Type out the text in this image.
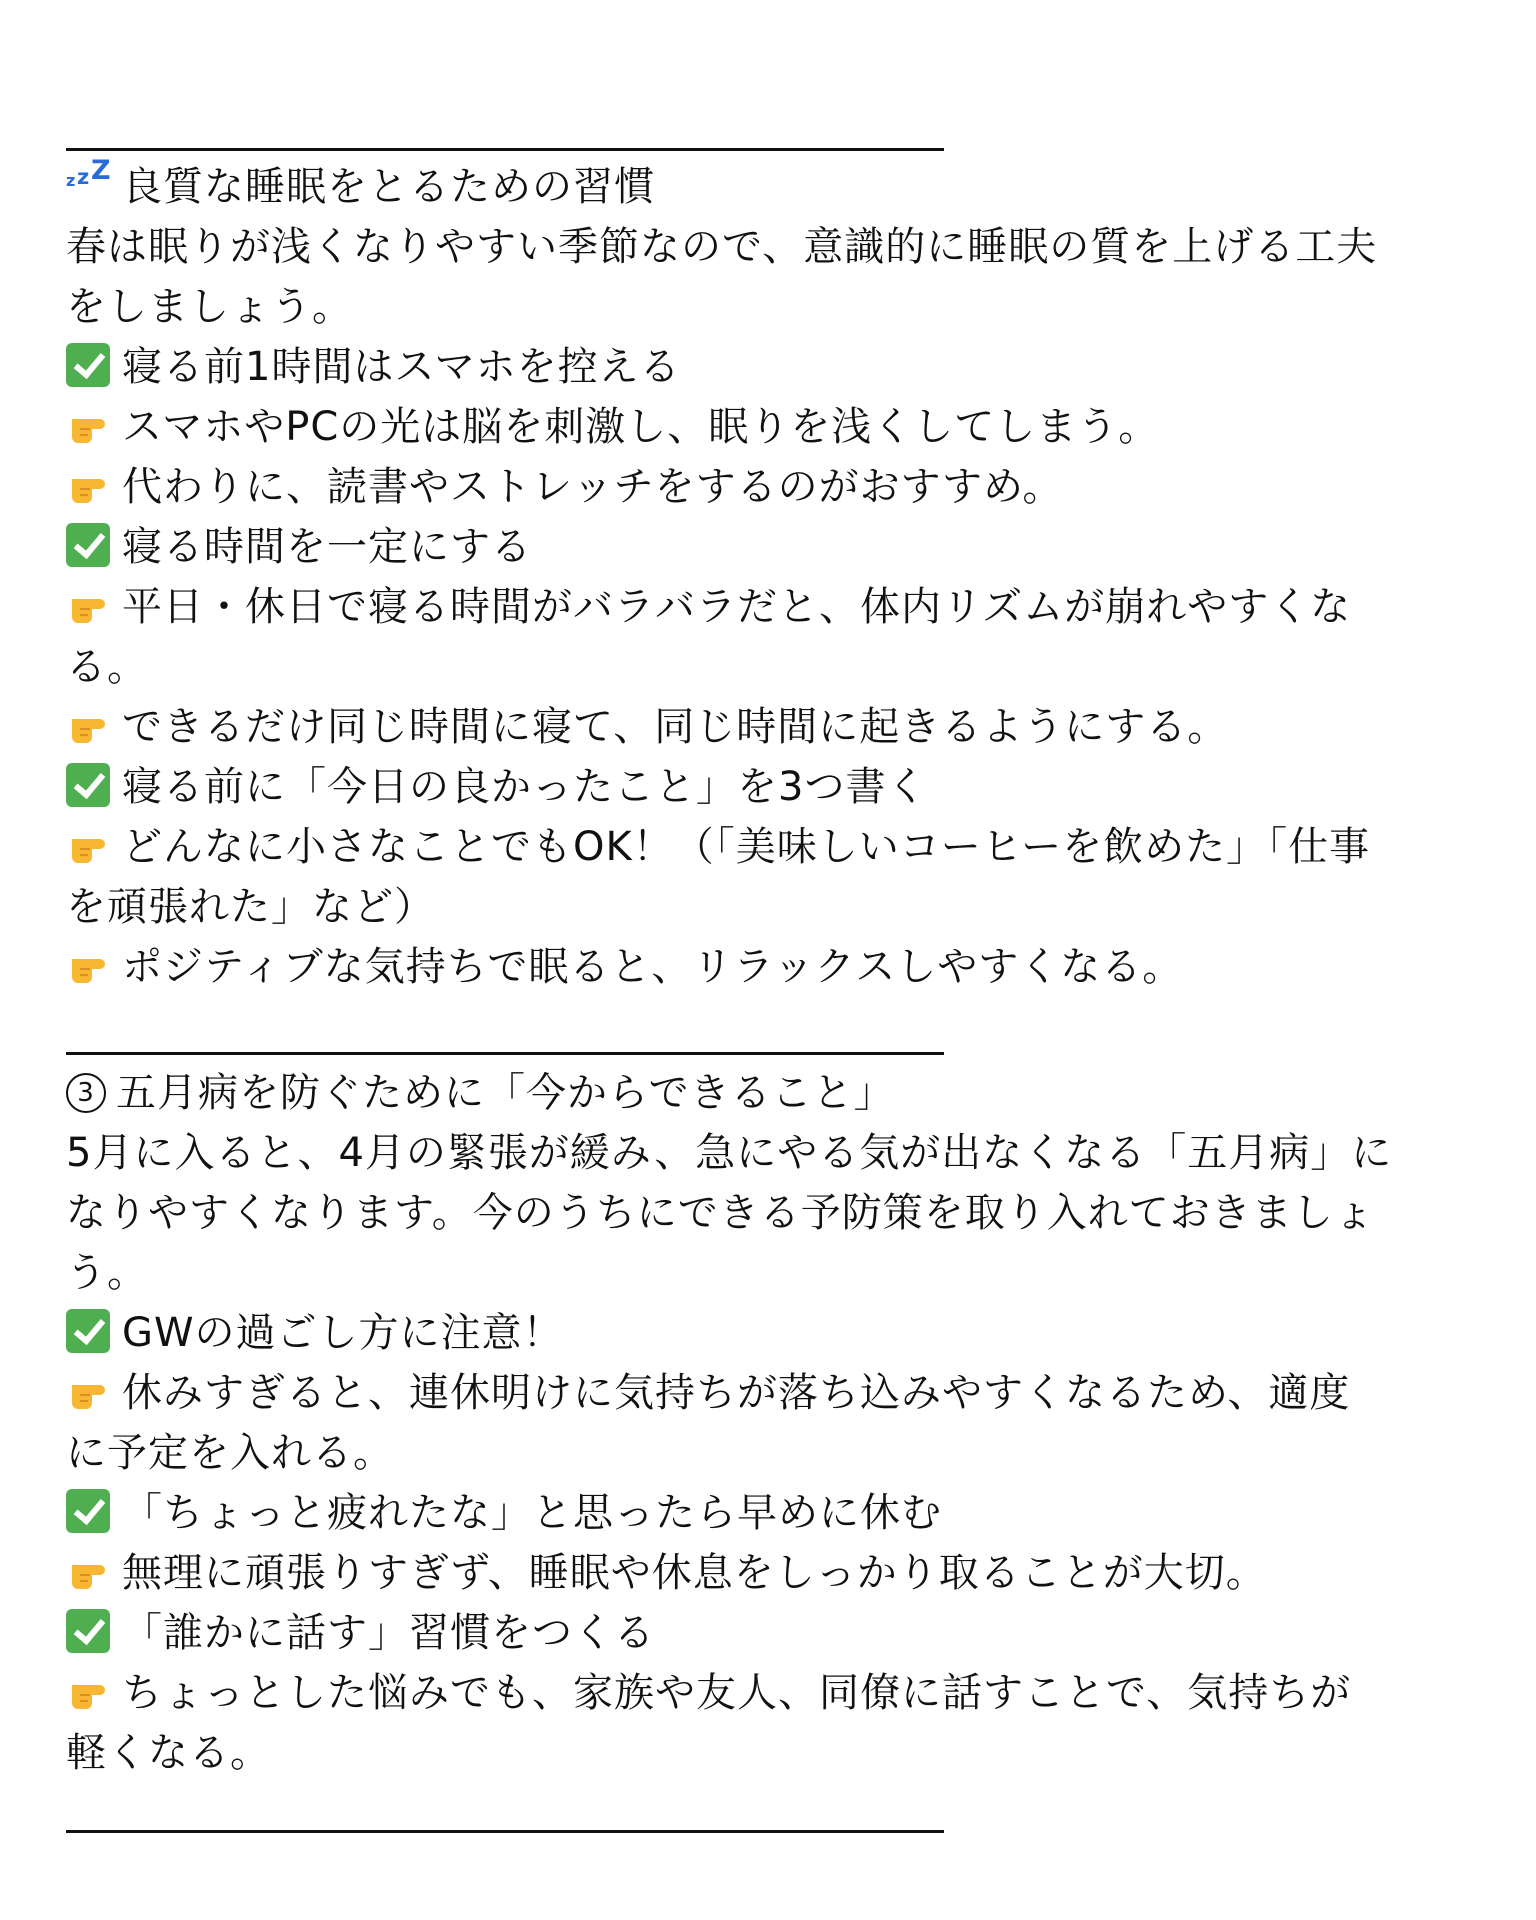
z z Z 良質な睡眠をとるための習慣
春は眠りが浅くなりやすい季節なので、意識的に睡眠の質を上げる工夫
をしましょう。
寝る前1時間はスマホを控える
スマホやPCの光は脳を刺激し、眠りを浅くしてしまう。
代わりに、読書やストレッチをするのがおすすめ。
寝る時間を一定にする
平日・休日で寝る時間がバラバラだと、体内リズムが崩れやすくな
る。
できるだけ同じ時間に寝て、同じ時間に起きるようにする。
寝る前に「今日の良かったこと」を3つ書く
どんなに小さなことでもOK！（「美味しいコーヒーを飲めた」「仕事
を頑張れた」など）
ポジティブな気持ちで眠ると、リラックスしやすくなる。
3 五月病を防ぐために「今からできること」
5月に入ると、4月の緊張が緩み、急にやる気が出なくなる「五月病」に
なりやすくなります。今のうちにできる予防策を取り入れておきましょ
う。
GWの過ごし方に注意！
休みすぎると、連休明けに気持ちが落ち込みやすくなるため、適度
に予定を入れる。
「ちょっと疲れたな」と思ったら早めに休む
無理に頑張りすぎず、睡眠や休息をしっかり取ることが大切。
「誰かに話す」習慣をつくる
ちょっとした悩みでも、家族や友人、同僚に話すことで、気持ちが
軽くなる。
